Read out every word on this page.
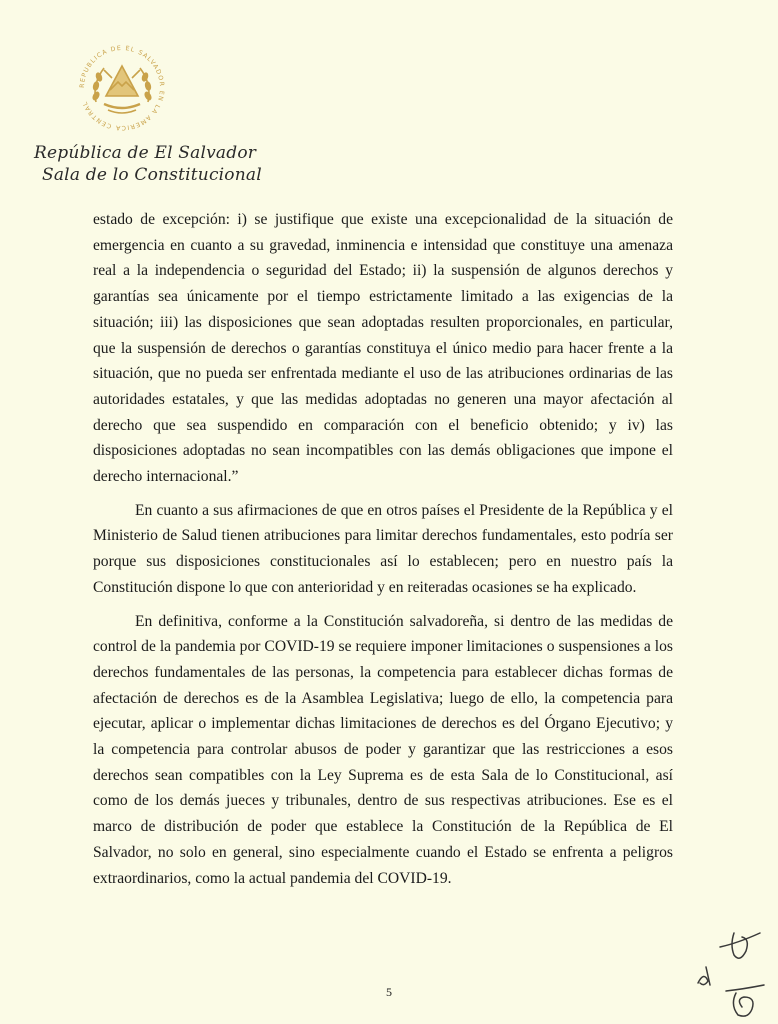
REPUBLICA DE EL SALVADOR EN LA AMERICA CENTRAL
República de El Salvador
Sala de lo Constitucional

estado de excepción: i) se justifique que existe una excepcionalidad de la situación de emergencia en cuanto a su gravedad, inminencia e intensidad que constituye una amenaza real a la independencia o seguridad del Estado; ii) la suspensión de algunos derechos y garantías sea únicamente por el tiempo estrictamente limitado a las exigencias de la situación; iii) las disposiciones que sean adoptadas resulten proporcionales, en particular, que la suspensión de derechos o garantías constituya el único medio para hacer frente a la situación, que no pueda ser enfrentada mediante el uso de las atribuciones ordinarias de las autoridades estatales, y que las medidas adoptadas no generen una mayor afectación al derecho que sea suspendido en comparación con el beneficio obtenido; y iv) las disposiciones adoptadas no sean incompatibles con las demás obligaciones que impone el derecho internacional.”

En cuanto a sus afirmaciones de que en otros países el Presidente de la República y el Ministerio de Salud tienen atribuciones para limitar derechos fundamentales, esto podría ser porque sus disposiciones constitucionales así lo establecen; pero en nuestro país la Constitución dispone lo que con anterioridad y en reiteradas ocasiones se ha explicado.

En definitiva, conforme a la Constitución salvadoreña, si dentro de las medidas de control de la pandemia por COVID-19 se requiere imponer limitaciones o suspensiones a los derechos fundamentales de las personas, la competencia para establecer dichas formas de afectación de derechos es de la Asamblea Legislativa; luego de ello, la competencia para ejecutar, aplicar o implementar dichas limitaciones de derechos es del Órgano Ejecutivo; y la competencia para controlar abusos de poder y garantizar que las restricciones a esos derechos sean compatibles con la Ley Suprema es de esta Sala de lo Constitucional, así como de los demás jueces y tribunales, dentro de sus respectivas atribuciones. Ese es el marco de distribución de poder que establece la Constitución de la República de El Salvador, no solo en general, sino especialmente cuando el Estado se enfrenta a peligros extraordinarios, como la actual pandemia del COVID-19.

5
